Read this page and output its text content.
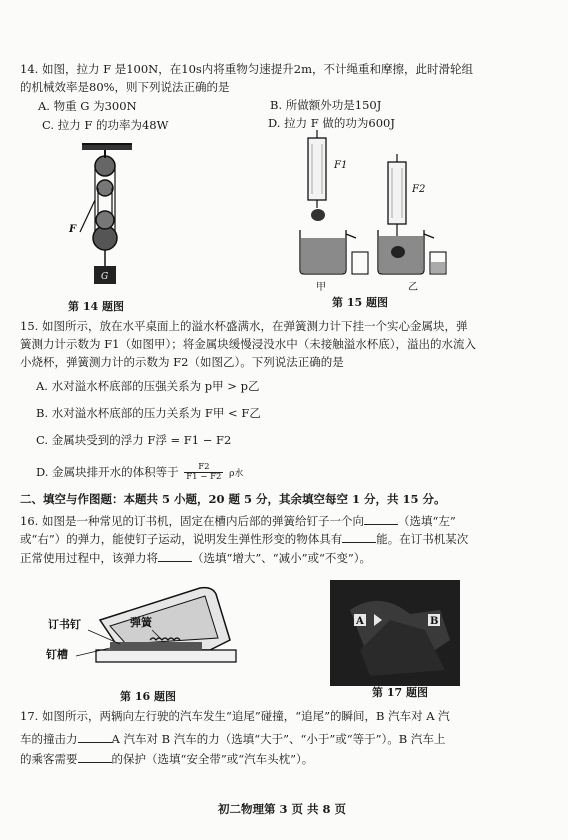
14. 如图，拉力 F 是100N，在10s内将重物匀速提升2m，不计绳重和摩擦，此时滑轮组
的机械效率是80%，则下列说法正确的是
A. 物重 G 为300N	B. 所做额外功是150J
C. 拉力 F 的功率为48W	D. 拉力 F 做的功为600J
F
G
第 14 题图
F1
甲
F2
乙
第 15 题图
15. 如图所示，放在水平桌面上的溢水杯盛满水，在弹簧测力计下挂一个实心金属块，弹
簧测力计示数为 F1（如图甲）；将金属块缓慢浸没水中（未接触溢水杯底），溢出的水流入
小烧杯，弹簧测力计的示数为 F2（如图乙）。下列说法正确的是
A. 水对溢水杯底部的压强关系为 p甲 > p乙
B. 水对溢水杯底部的压力关系为 F甲 < F乙
C. 金属块受到的浮力 F浮 = F1 − F2
D. 金属块排开水的体积等于 $\frac{F2}{F1 - F2}$ ρ水
二、填空与作图题：本题共 5 小题，20 题 5 分，其余填空每空 1 分，共 15 分。
16. 如图是一种常见的订书机，固定在槽内后部的弹簧给钉子一个向	（选填“左”
或“右”）的弹力，能使钉子运动，说明发生弹性形变的物体具有	能。在订书机某次
正常使用过程中，该弹力将	（选填“增大”、“减小”或“不变”）。
订书钉	弹簧
钉槽
第 16 题图
A	B
第 17 题图
17. 如图所示，两辆向左行驶的汽车发生“追尾”碰撞，“追尾”的瞬间，B 汽车对 A 汽
车的撞击力	A 汽车对 B 汽车的力（选填“大于”、“小于”或“等于”）。B 汽车上
的乘客需要	的保护（选填“安全带”或“汽车头枕”）。
初二物理第 3 页 共 8 页
